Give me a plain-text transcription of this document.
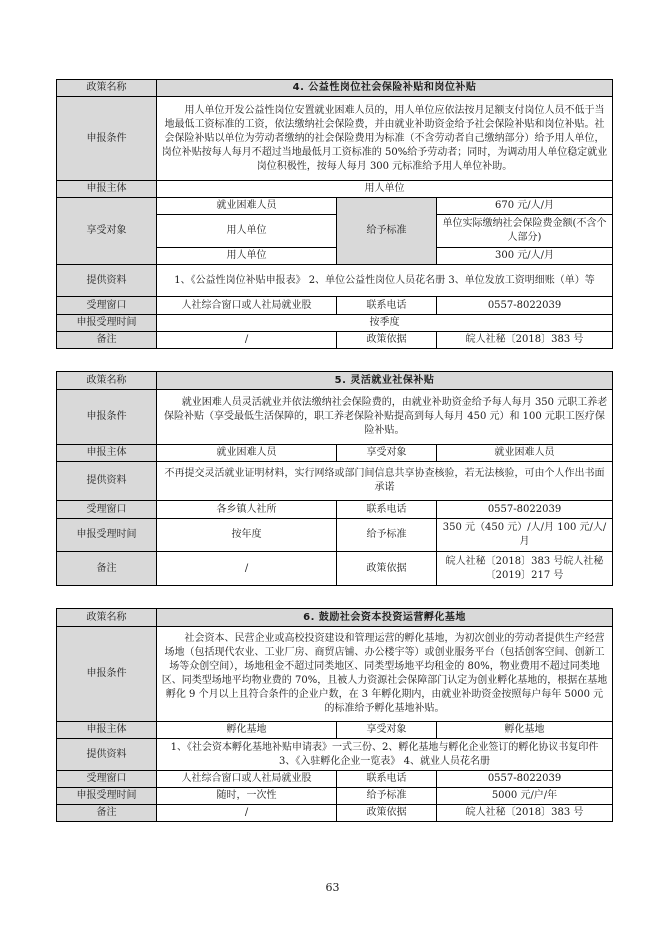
政策名称	4. 公益性岗位社会保险补贴和岗位补贴		
申报条件	用人单位开发公益性岗位安置就业困难人员的，用人单位应依法按月足额支付岗位人员不低于当地最低工资标准的工资，依法缴纳社会保险费，并由就业补助资金给予社会保险补贴和岗位补贴。社会保险补贴以单位为劳动者缴纳的社会保险费用为标准（不含劳动者自己缴纳部分）给予用人单位，岗位补贴按每人每月不超过当地最低月工资标准的 50%给予劳动者；同时，为调动用人单位稳定就业岗位积极性，按每人每月 300 元标准给予用人单位补助。		
申报主体	用人单位		
享受对象	就业困难人员	给予标准	670 元/人/月
	用人单位		单位实际缴纳社会保险费金额(不含个人部分)
	用人单位		300 元/人/月
提供资料	1、《公益性岗位补贴申报表》 2、单位公益性岗位人员花名册 3、单位发放工资明细账（单）等		
受理窗口	人社综合窗口或人社局就业股	联系电话	0557-8022039
申报受理时间	按季度		
备注	/	政策依据	皖人社秘〔2018〕383 号
政策名称	5. 灵活就业社保补贴		
申报条件	就业困难人员灵活就业并依法缴纳社会保险费的，由就业补助资金给予每人每月 350 元职工养老保险补贴（享受最低生活保障的，职工养老保险补贴提高到每人每月 450 元）和 100 元职工医疗保险补贴。		
申报主体	就业困难人员	享受对象	就业困难人员
提供资料	不再提交灵活就业证明材料，实行网络或部门间信息共享协查核验，若无法核验，可由个人作出书面承诺		
受理窗口	各乡镇人社所	联系电话	0557-8022039
申报受理时间	按年度	给予标准	350 元（450 元）/人/月 100 元/人/月
备注	/	政策依据	皖人社秘〔2018〕383 号皖人社秘〔2019〕217 号
政策名称	6. 鼓励社会资本投资运营孵化基地		
申报条件	社会资本、民营企业或高校投资建设和管理运营的孵化基地，为初次创业的劳动者提供生产经营场地（包括现代农业、工业厂房、商贸店铺、办公楼宇等）或创业服务平台（包括创客空间、创新工场等众创空间），场地租金不超过同类地区、同类型场地平均租金的 80%，物业费用不超过同类地区、同类型场地平均物业费的 70%，且被人力资源社会保障部门认定为创业孵化基地的，根据在基地孵化 9 个月以上且符合条件的企业户数，在 3 年孵化期内，由就业补助资金按照每户每年 5000 元的标准给予孵化基地补贴。		
申报主体	孵化基地	享受对象	孵化基地
提供资料	1、《社会资本孵化基地补贴申请表》一式三份、2、孵化基地与孵化企业签订的孵化协议书复印件 3、《入驻孵化企业一览表》 4、就业人员花名册		
受理窗口	人社综合窗口或人社局就业股	联系电话	0557-8022039
申报受理时间	随时，一次性	给予标准	5000 元/户/年
备注	/	政策依据	皖人社秘〔2018〕383 号
63
